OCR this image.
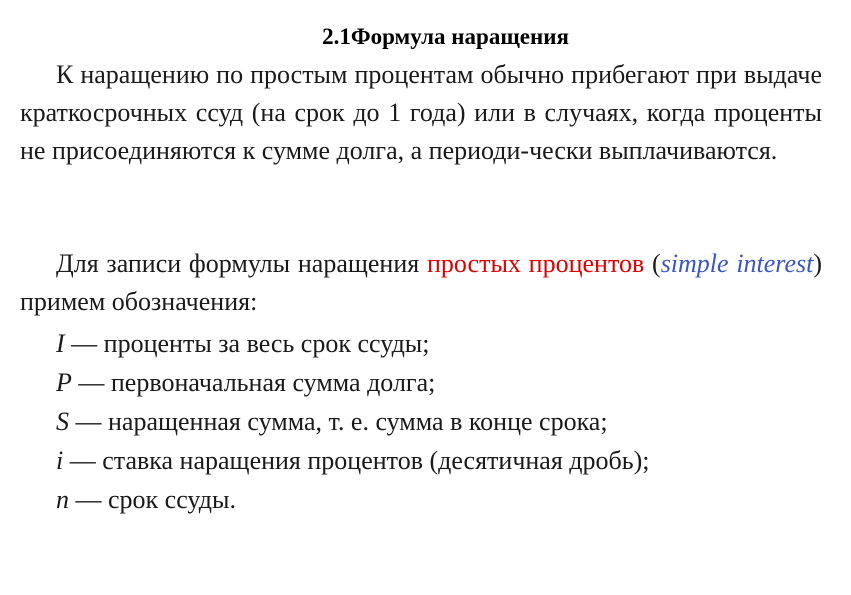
2.1Формула наращения
К наращению по простым процентам обычно прибегают при выдаче краткосрочных ссуд (на срок до 1 года) или в случаях, когда проценты не присоединяются к сумме долга, а периоди-чески выплачиваются.
Для записи формулы наращения простых процентов (simple interest) примем обозначения:
I — проценты за весь срок ссуды;
P — первоначальная сумма долга;
S — наращенная сумма, т. е. сумма в конце срока;
i — ставка наращения процентов (десятичная дробь);
n — срок ссуды.
